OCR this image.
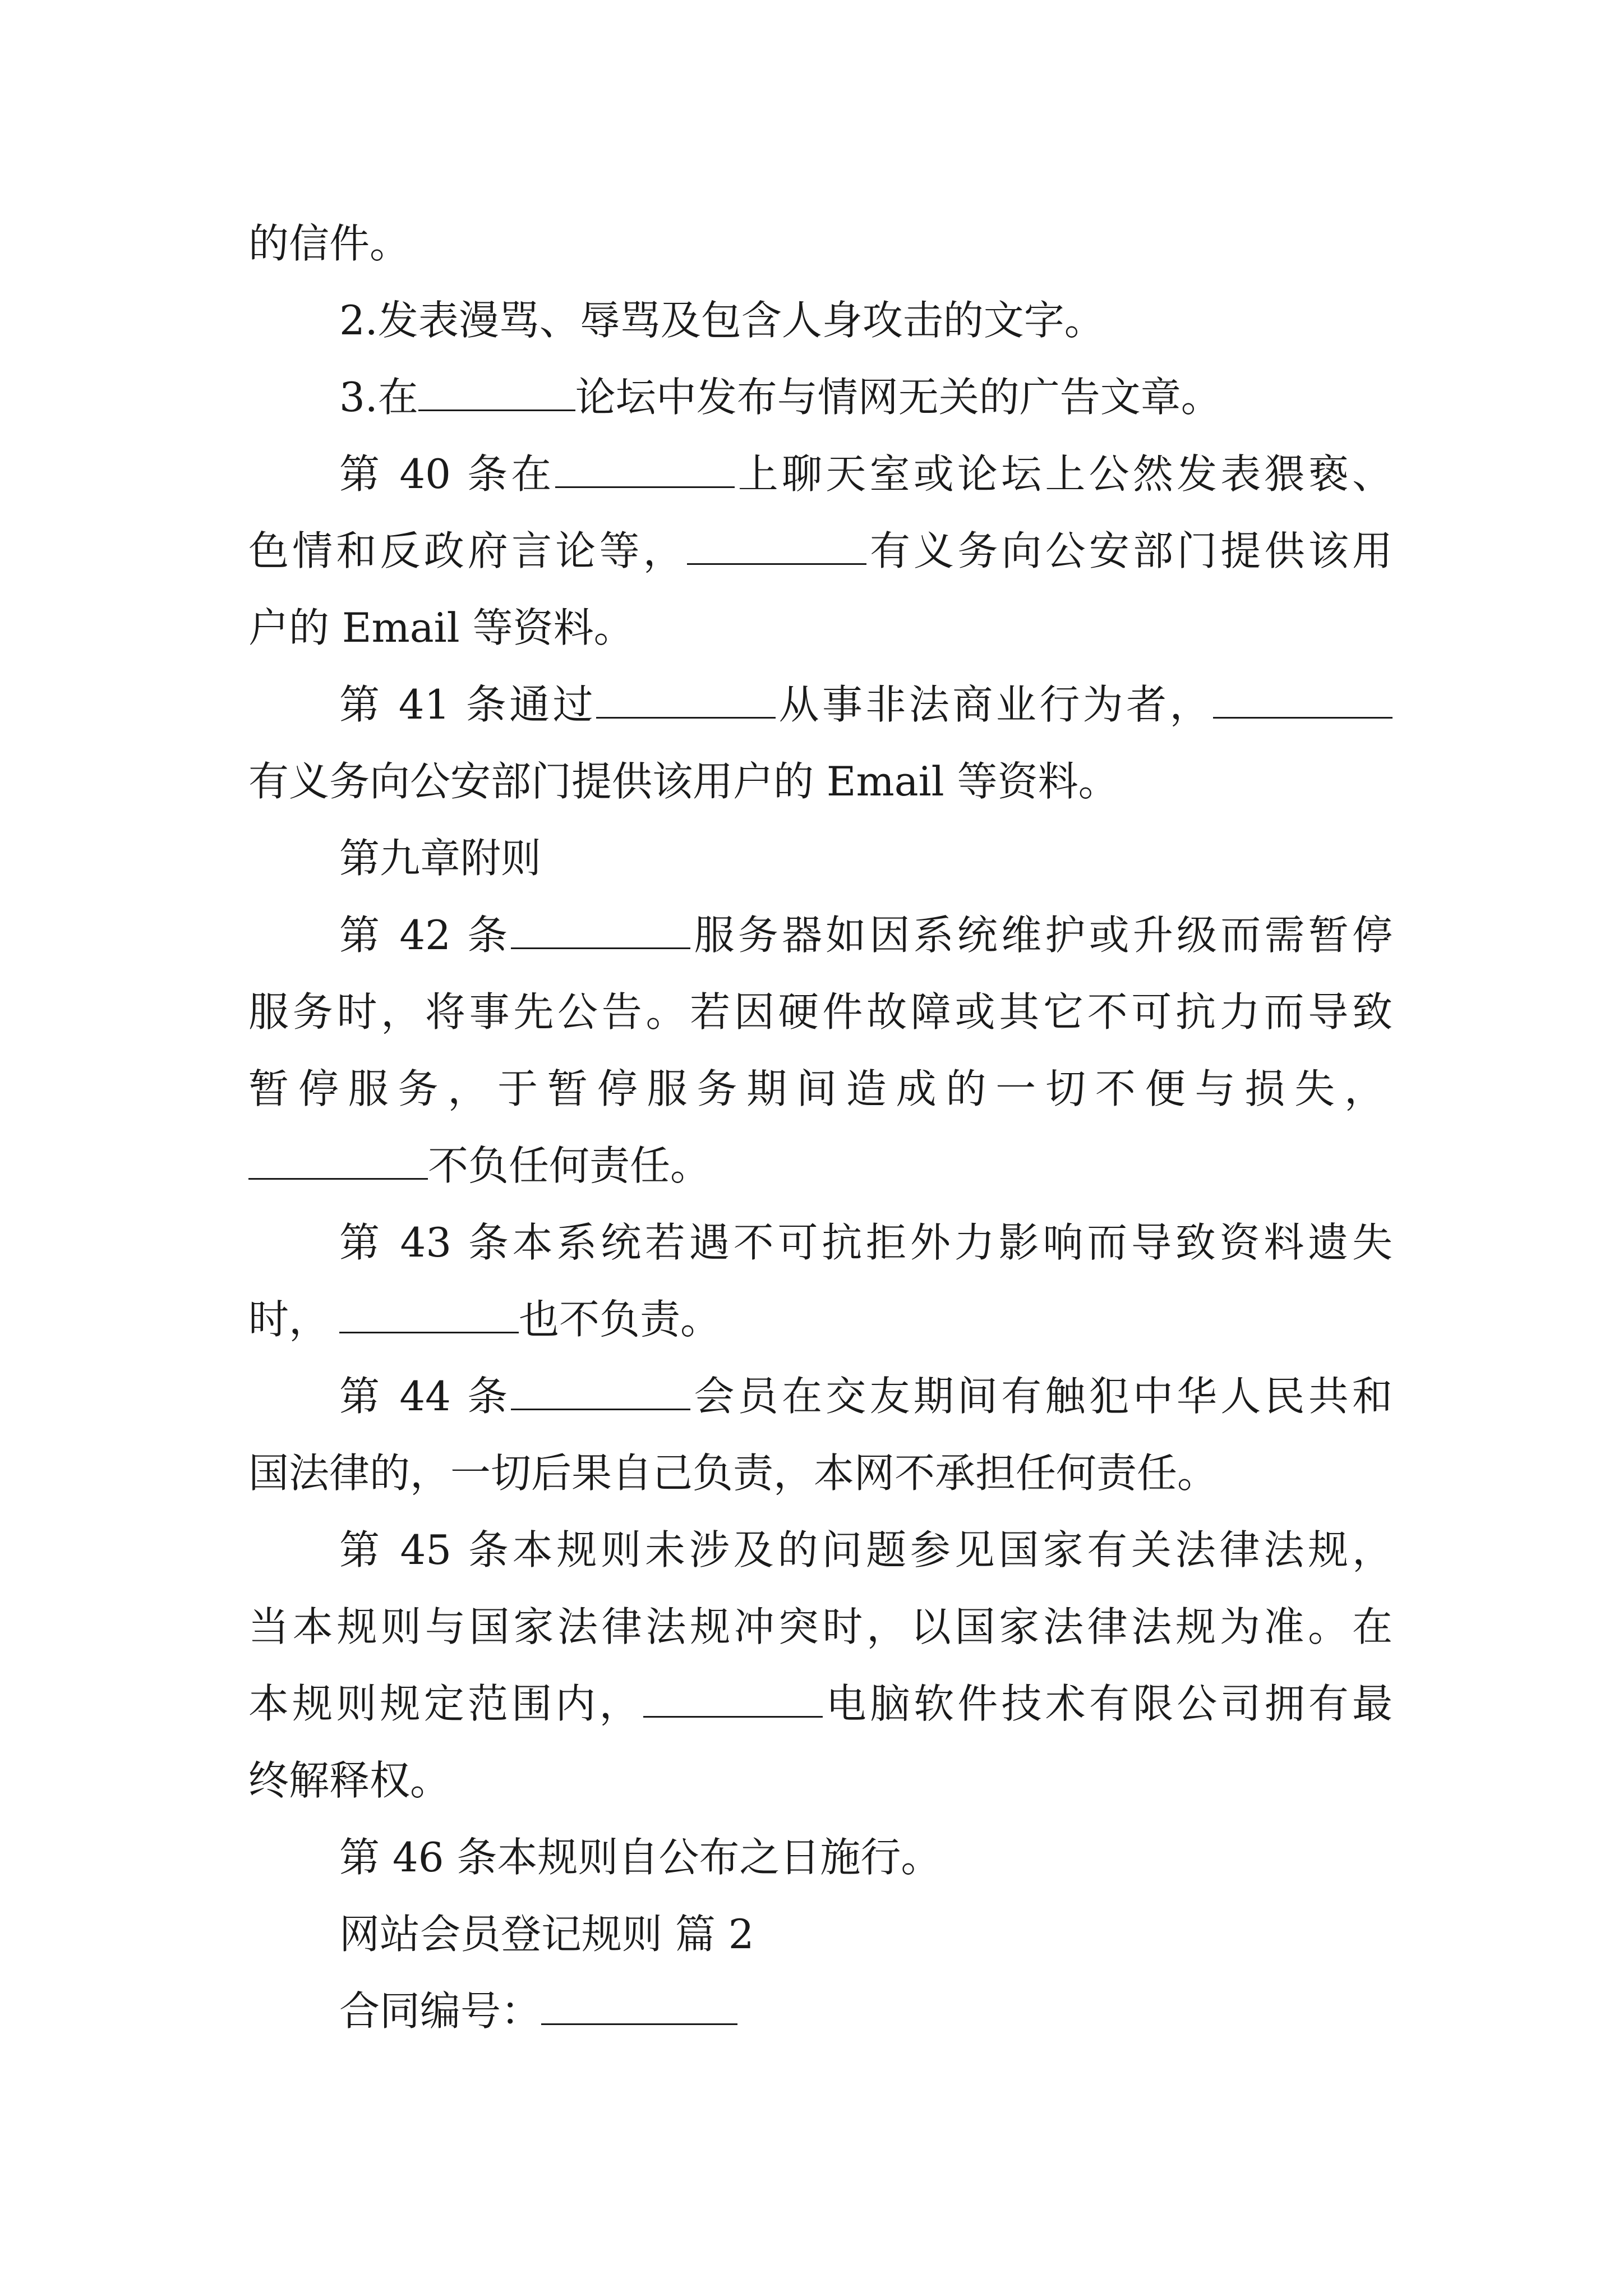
的信件。

2.发表漫骂、辱骂及包含人身攻击的文字。

3.在	论坛中发布与情网无关的广告文章。

第 40 条在	上聊天室或论坛上公然发表猥亵、

色情和反政府言论等，	有义务向公安部门提供该用

户的 Email 等资料。

第 41 条通过	从事非法商业行为者，

有义务向公安部门提供该用户的 Email 等资料。

第九章附则

第 42 条	服务器如因系统维护或升级而需暂停

服务时，将事先公告。若因硬件故障或其它不可抗力而导致

暂停服务，于暂停服务期间造成的一切不便与损失，

不负任何责任。

第 43 条本系统若遇不可抗拒外力影响而导致资料遗失

时，	也不负责。

第 44 条	会员在交友期间有触犯中华人民共和

国法律的，一切后果自己负责，本网不承担任何责任。

第 45 条本规则未涉及的问题参见国家有关法律法规，

当本规则与国家法律法规冲突时，以国家法律法规为准。在

本规则规定范围内，	电脑软件技术有限公司拥有最

终解释权。

第 46 条本规则自公布之日施行。

网站会员登记规则 篇 2

合同编号：
